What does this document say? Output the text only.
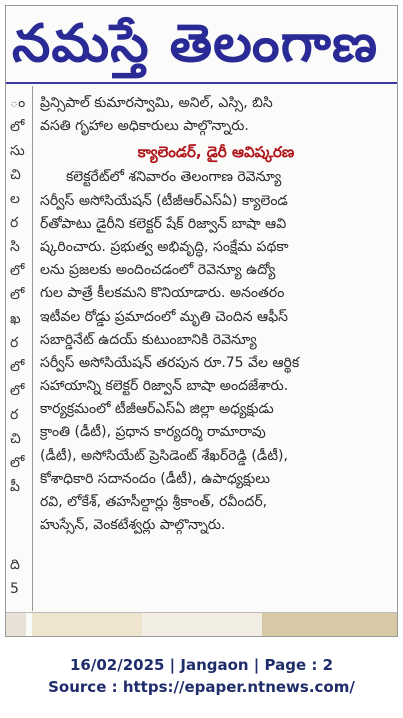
నమస్తే తెలంగాణ
ం
లో
సు
చి
ల
ర
సి
లో
లో
ఖ
ర
లో
లో
ర
చి
లో
పీ
ది
5
ప్రిన్సిపాల్ కుమారస్వామి, అనిల్, ఎస్సి, బిసి
వసతి గృహాల అధికారులు పాల్గొన్నారు.
క్యాలెండర్, డైరీ ఆవిష్కరణ
కలెక్టరేట్‌లో శనివారం తెలంగాణ రెవెన్యూ
సర్వీస్ అసోసియేషన్ (టీజీఆర్ఎస్ఏ) క్యాలెండ
ర్‌తోపాటు డైరీని కలెక్టర్ షేక్ రిజ్వాన్ బాషా ఆవి
ష్కరించారు. ప్రభుత్వ అభివృద్ధి, సంక్షేమ పథకా
లను ప్రజలకు అందించడంలో రెవెన్యూ ఉద్యో
గుల పాత్రే కీలకమని కొనియాడారు. అనంతరం
ఇటీవల రోడ్డు ప్రమాదంలో మృతి చెందిన ఆఫీస్
సబార్డినేట్ ఉదయ్ కుటుంబానికి రెవెన్యూ
సర్వీస్ అసోసియేషన్ తరపున రూ.75 వేల ఆర్థిక
సహాయాన్ని కలెక్టర్ రిజ్వాన్ బాషా అందజేశారు.
కార్యక్రమంలో టీజీఆర్ఎస్ఏ జిల్లా అధ్యక్షుడు
క్రాంతి (డీటీ), ప్రధాన కార్యదర్శి రామారావు
(డీటీ), అసోసియేట్ ప్రెసిడెంట్ శేఖర్‌రెడ్డి (డీటీ),
కోశాధికారి సదానందం (డీటీ), ఉపాధ్యక్షులు
రవి, లోకేశ్, తహసీల్దార్లు శ్రీకాంత్, రవీందర్,
హుస్సేన్, వెంకటేశ్వర్లు పాల్గొన్నారు.
16/02/2025 | Jangaon | Page : 2
Source : https://epaper.ntnews.com/
